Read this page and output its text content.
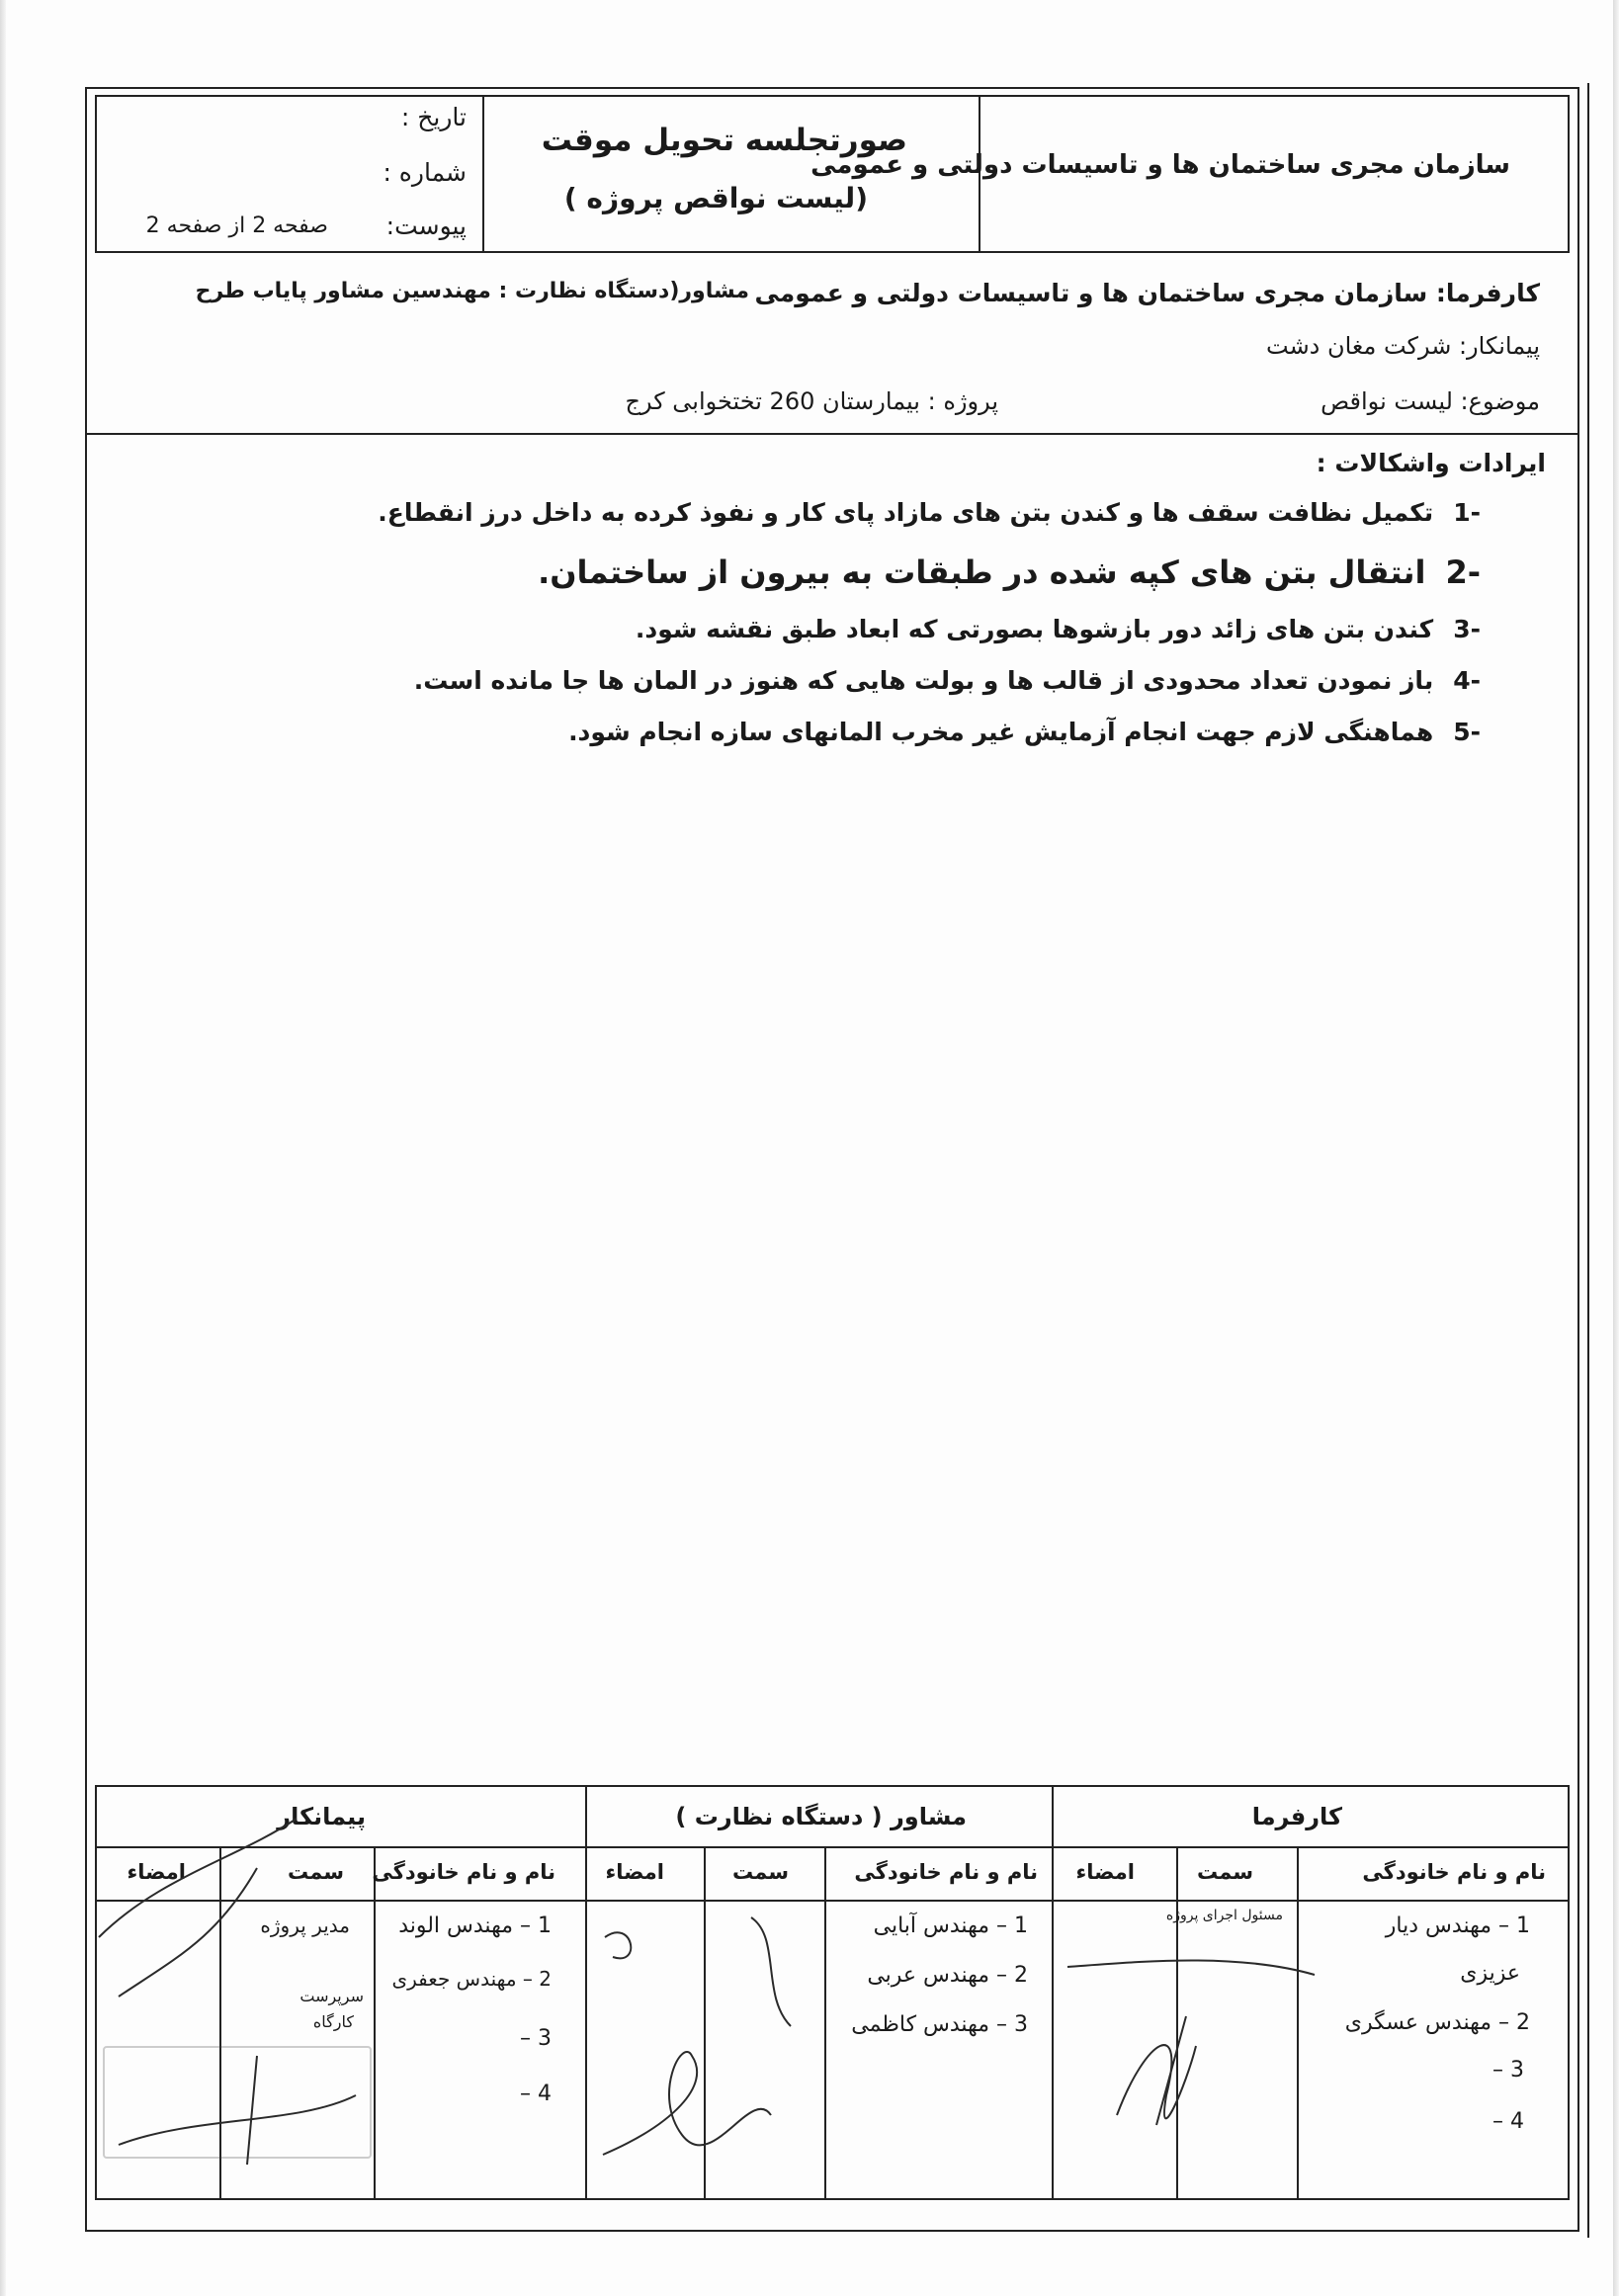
سازمان مجری ساختمان ها و تاسیسات دولتی و عمومی
صورتجلسه تحویل موقت
(لیست نواقص پروژه )
تاریخ :
شماره :
پیوست:
صفحه 2 از صفحه 2
کارفرما: سازمان مجری ساختمان ها و تاسیسات دولتی و عمومی
مشاور(دستگاه نظارت : مهندسین مشاور پایاب طرح
پیمانکار: شرکت مغان دشت
موضوع: لیست نواقص
پروژه : بیمارستان 260 تختخوابی کرج
ایرادات واشکالات :
-1تکمیل نظافت سقف ها و کندن بتن های مازاد پای کار و نفوذ کرده به داخل درز انقطاع.
-2انتقال بتن های کپه شده در طبقات به بیرون از ساختمان.
-3کندن بتن های زائد دور بازشوها بصورتی که ابعاد طبق نقشه شود.
-4باز نمودن تعداد محدودی از قالب ها و بولت هایی که هنوز در المان ها جا مانده است.
-5هماهنگی لازم جهت انجام آزمایش غیر مخرب المانهای سازه انجام شود.
کارفرما
نام و نام خانودگی
سمت
امضاء
1 – مهندس دیار
عزیزی
2 – مهندس عسگری
3 –
4 –
مسئول اجرای پروژه
مشاور ( دستگاه نظارت )
نام و نام خانودگی
سمت
امضاء
1 – مهندس آبایی
2 – مهندس عربی
3 – مهندس کاظمی
پیمانکار
نام و نام خانودگی
سمت
امضاء
1 – مهندس الوند
2 – مهندس جعفری
3 –
4 –
مدیر پروژه
سرپرست
کارگاه
